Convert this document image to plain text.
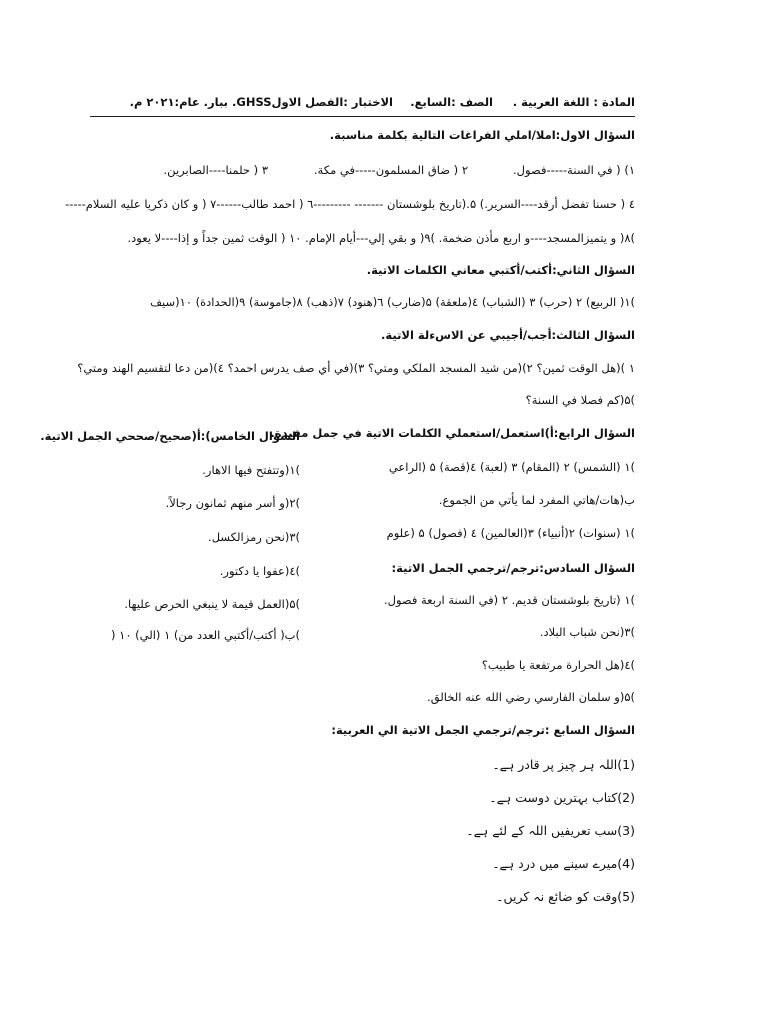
المادة : اللغة العربية .
الصف :السابع.
الاختبار :الفصل الاولGHSS. ببار. عام:۲۰۲۱ م.
السؤال الاول:املا/املي الفراغات التالية بكلمة مناسبة.
۱) ( في السنة-----فصول.
۲ ( ضاق المسلمون-----في مكة.
۳ ( حلمنا----الصابرين.
٤ ( حسنا تفضل أرقد----السرير.) ۵.(تاريخ بلوشستان ------- ---------٦ ( احمد طالب------۷ ( و كان ذكريا عليه السلام-----
)۸( و يتميزالمسجد----و اربع مأذن ضخمة. )۹( و بقي إلي---أيام الإمام. ۱۰ ( الوقت ثمين جداً و إذا----لا يعود.
السؤال الثاني:أكتب/أكتبي معاني الكلمات الاتية.
)۱( الربيع) ۲ (حرب) ۳ (الشباب) ٤(ملعقة) ۵(ضارب) ٦(هنود) ۷(ذهب) ۸(جاموسة) ۹(الحدادة) ۱۰(سيف
السؤال الثالث:أجب/أجيبي عن الاسءلة الاتية.
۱ )(هل الوقت ثمين؟ ۲)(من شيد المسجد الملكي ومتي؟ ۳)(في أي صف يدرس احمد؟ ٤)(من دعا لتقسيم الهند ومتي؟
)۵(كم فصلا في السنة؟
السؤال الرابع:أ)استعمل/استعملي الكلمات الاتية في جمل مفيدة.
)۱ (الشمس) ۲ (المقام) ۳ (لعبة) ٤(قصة) ۵ (الراعي
ب(هات/هاتي المفرد لما يأتي من الجموع.
)۱ (سنوات) ۲(أنبياء) ۳(العالمين) ٤ (فصول) ۵ (علوم
السؤال الخامس):أ(صحيح/صححي الجمل الاتية.
)۱(وتتفتح فيها الاهار.
)۲(و أسر منهم ثمانون رجالاً.
)۳(نحن رمزالكسل.
)٤(عفوا يا دكتور.
)۵(العمل قيمة لا ينبغي الحرص عليها.
)ب( أكتب/أكتبي العدد من) ۱ (الي) ۱۰ (
السؤال السادس:ترجم/ترجمي الجمل الاتية:
)۱ (تاريخ بلوشستان قديم. ۲ (في السنة اربعة فصول.
)۳(نحن شباب البلاد.
)٤(هل الحرارة مرتفعة يا طبيب؟
)۵(و سلمان الفارسي رضي الله عنه الخالق.
السؤال السابع :ترجم/ترجمي الجمل الاتية الي العربية:
(1)اللہ ہر چیز پر قادر ہے۔
(2)کتاب بہترین دوست ہے۔
(3)سب تعریفیں اللہ کے لئے ہے۔
(4)میرے سینے میں درد ہے۔
(5)وقت کو ضائع نہ کریں۔
